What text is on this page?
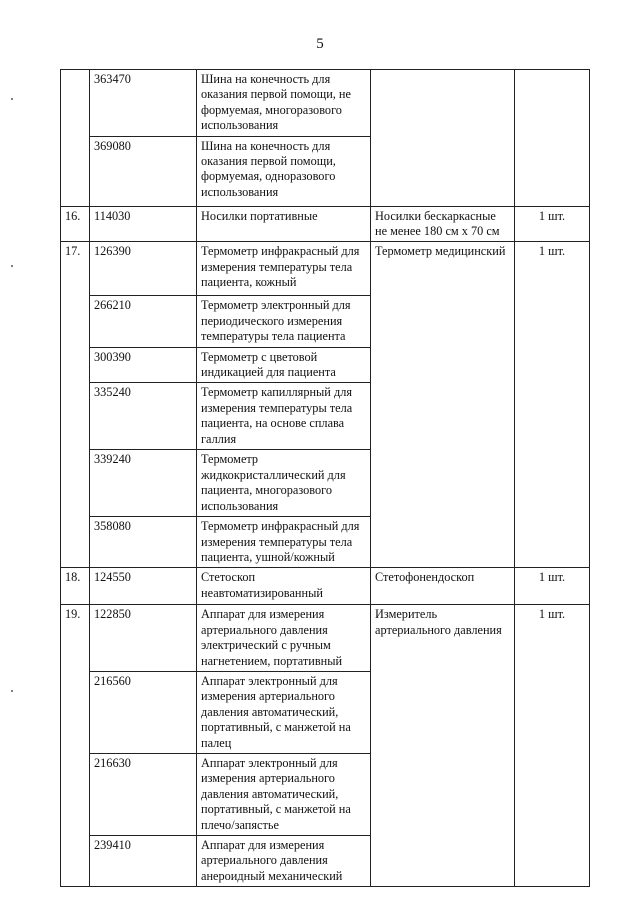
5
	363470	Шина на конечность для
оказания первой помощи, не
формуемая, многоразового
использования		

	369080	Шина на конечность для
оказания первой помощи,
формуемая, одноразового
использования		

16.	114030	Носилки портативные	Носилки бескаркасные
не менее 180 см х 70 см	1 шт.
17.	126390	Термометр инфракрасный для
измерения температуры тела
пациента, кожный	Термометр медицинский	1 шт.
	266210	Термометр электронный для
периодического измерения
температуры тела пациента		

	300390	Термометр с цветовой
индикацией для пациента		

	335240	Термометр капиллярный для
измерения температуры тела
пациента, на основе сплава
галлия		

	339240	Термометр
жидкокристаллический для
пациента, многоразового
использования		

	358080	Термометр инфракрасный для
измерения температуры тела
пациента, ушной/кожный		

18.	124550	Стетоскоп
неавтоматизированный	Стетофонендоскоп	1 шт.
19.	122850	Аппарат для измерения
артериального давления
электрический с ручным
нагнетением, портативный	Измеритель
артериального давления	1 шт.
	216560	Аппарат электронный для
измерения артериального
давления автоматический,
портативный, с манжетой на
палец		

	216630	Аппарат электронный для
измерения артериального
давления автоматический,
портативный, с манжетой на
плечо/запястье		

	239410	Аппарат для измерения
артериального давления
анероидный механический		
